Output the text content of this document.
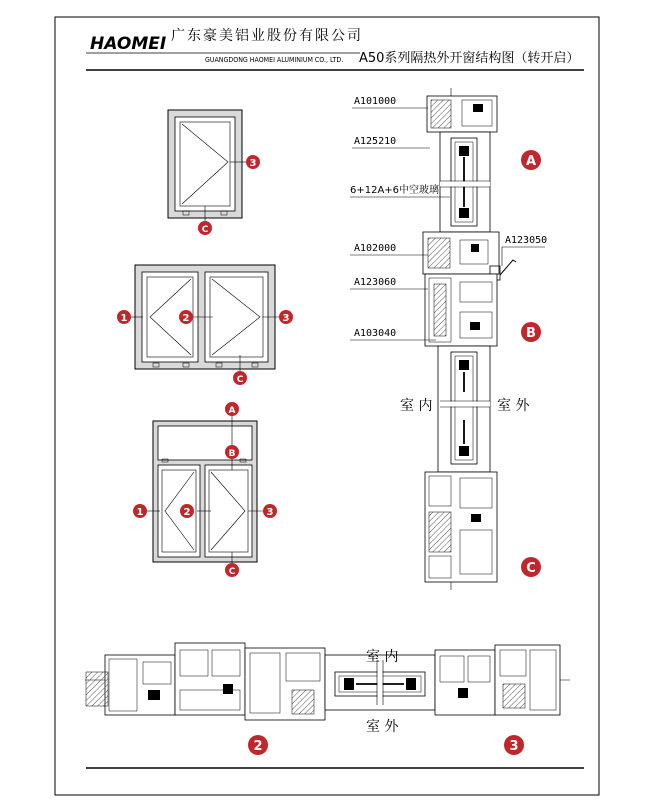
HAOMEI 广东豪美铝业股份有限公司
GUANGDONG HAOMEI ALUMINIUM CO., LTD. A50系列隔热外开窗结构图（转开启）
A101000
A125210
6+12A+6中空玻璃
A102000
A123050
A123060
A103040
室 内	室 外
室 内
室 外
3
C
1	2	3
C
A
B
1	2	3
C
A
B
C
2	3
